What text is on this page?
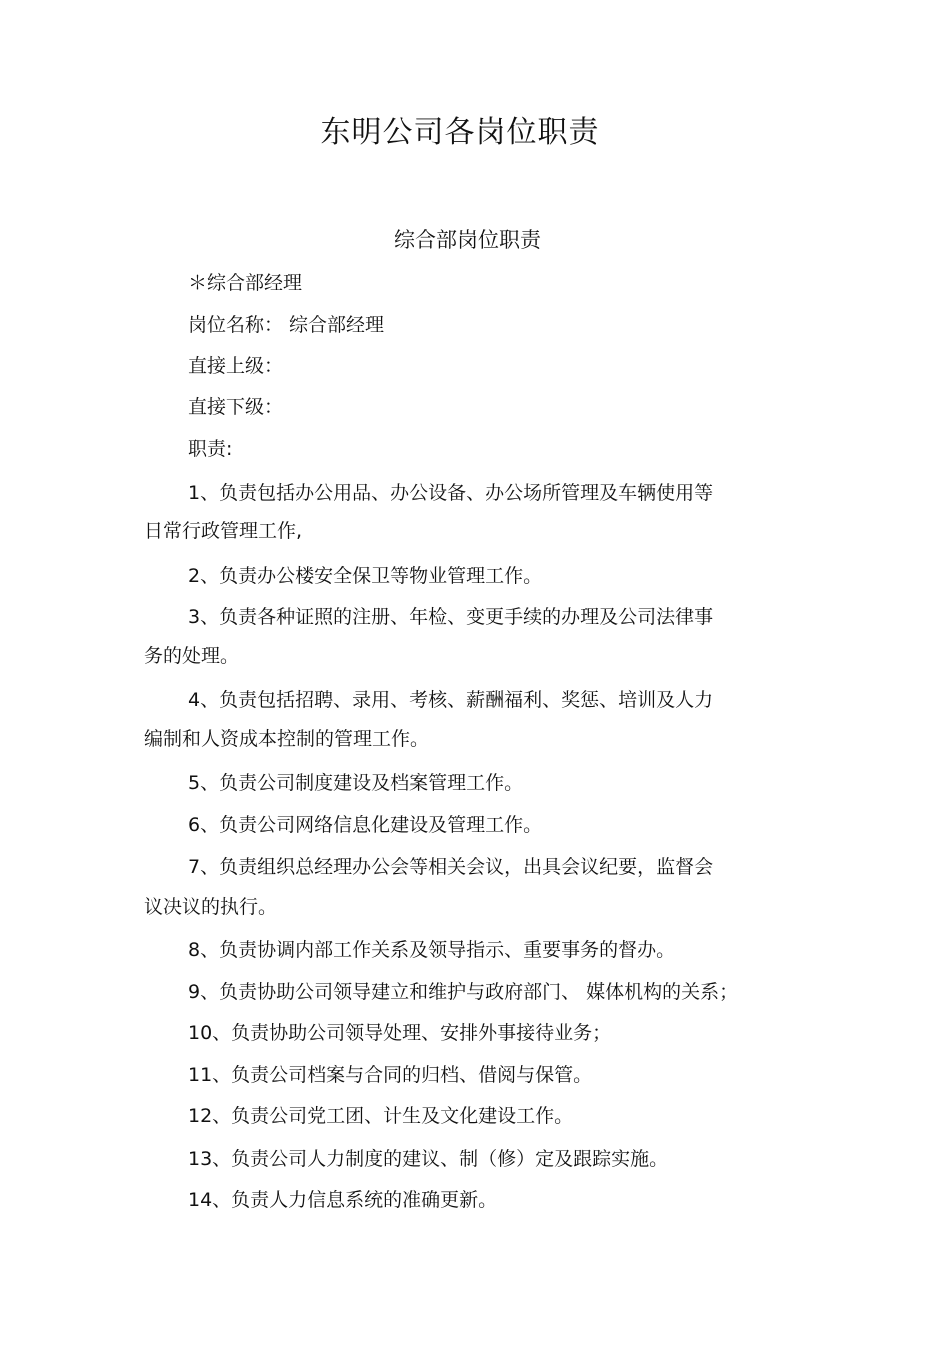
东明公司各岗位职责
综合部岗位职责
＊综合部经理
岗位名称： 综合部经理
直接上级：
直接下级：
职责:
1、负责包括办公用品、办公设备、办公场所管理及车辆使用等
日常行政管理工作,
2、负责办公楼安全保卫等物业管理工作。
3、负责各种证照的注册、年检、变更手续的办理及公司法律事
务的处理。
4、负责包括招聘、录用、考核、薪酬福利、奖惩、培训及人力
编制和人资成本控制的管理工作。
5、负责公司制度建设及档案管理工作。
6、负责公司网络信息化建设及管理工作。
7、负责组织总经理办公会等相关会议，出具会议纪要，监督会
议决议的执行。
8、负责协调内部工作关系及领导指示、重要事务的督办。
9、负责协助公司领导建立和维护与政府部门、 媒体机构的关系；
10、负责协助公司领导处理、安排外事接待业务；
11、负责公司档案与合同的归档、借阅与保管。
12、负责公司党工团、计生及文化建设工作。
13、负责公司人力制度的建议、制（修）定及跟踪实施。
14、负责人力信息系统的准确更新。
